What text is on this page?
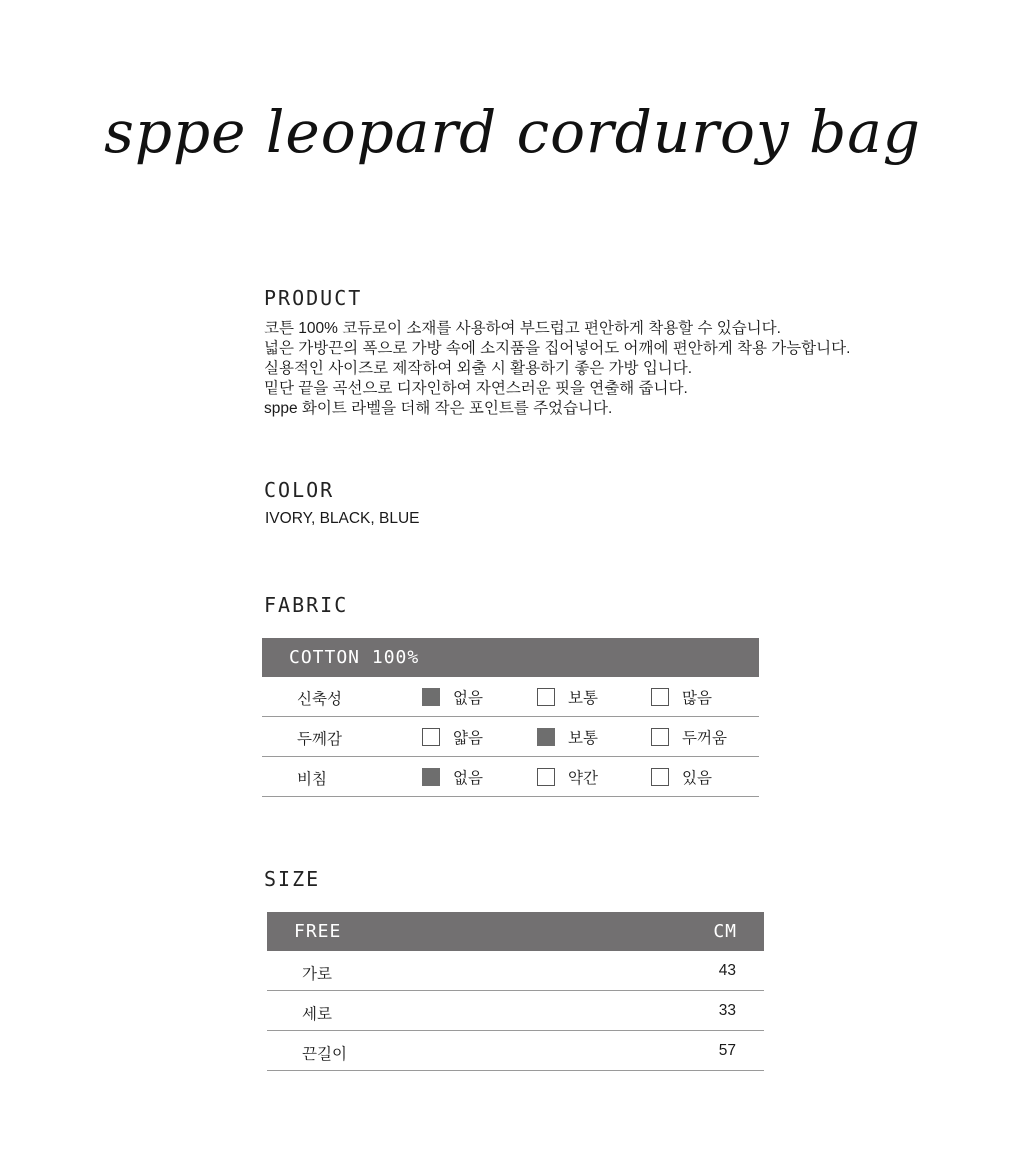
sppe leopard corduroy bag
PRODUCT
코튼 100% 코듀로이 소재를 사용하여 부드럽고 편안하게 착용할 수 있습니다.
넓은 가방끈의 폭으로 가방 속에 소지품을 집어넣어도 어깨에 편안하게 착용 가능합니다.
실용적인 사이즈로 제작하여 외출 시 활용하기 좋은 가방 입니다.
밑단 끝을 곡선으로 디자인하여 자연스러운 핏을 연출해 줍니다.
sppe 화이트 라벨을 더해 작은 포인트를 주었습니다.
COLOR
IVORY, BLACK, BLUE
FABRIC
COTTON 100%
신축성	없음	보통	많음
두께감	얇음	보통	두꺼움
비침	없음	약간	있음
SIZE
FREE	CM
가로	43
세로	33
끈길이	57
